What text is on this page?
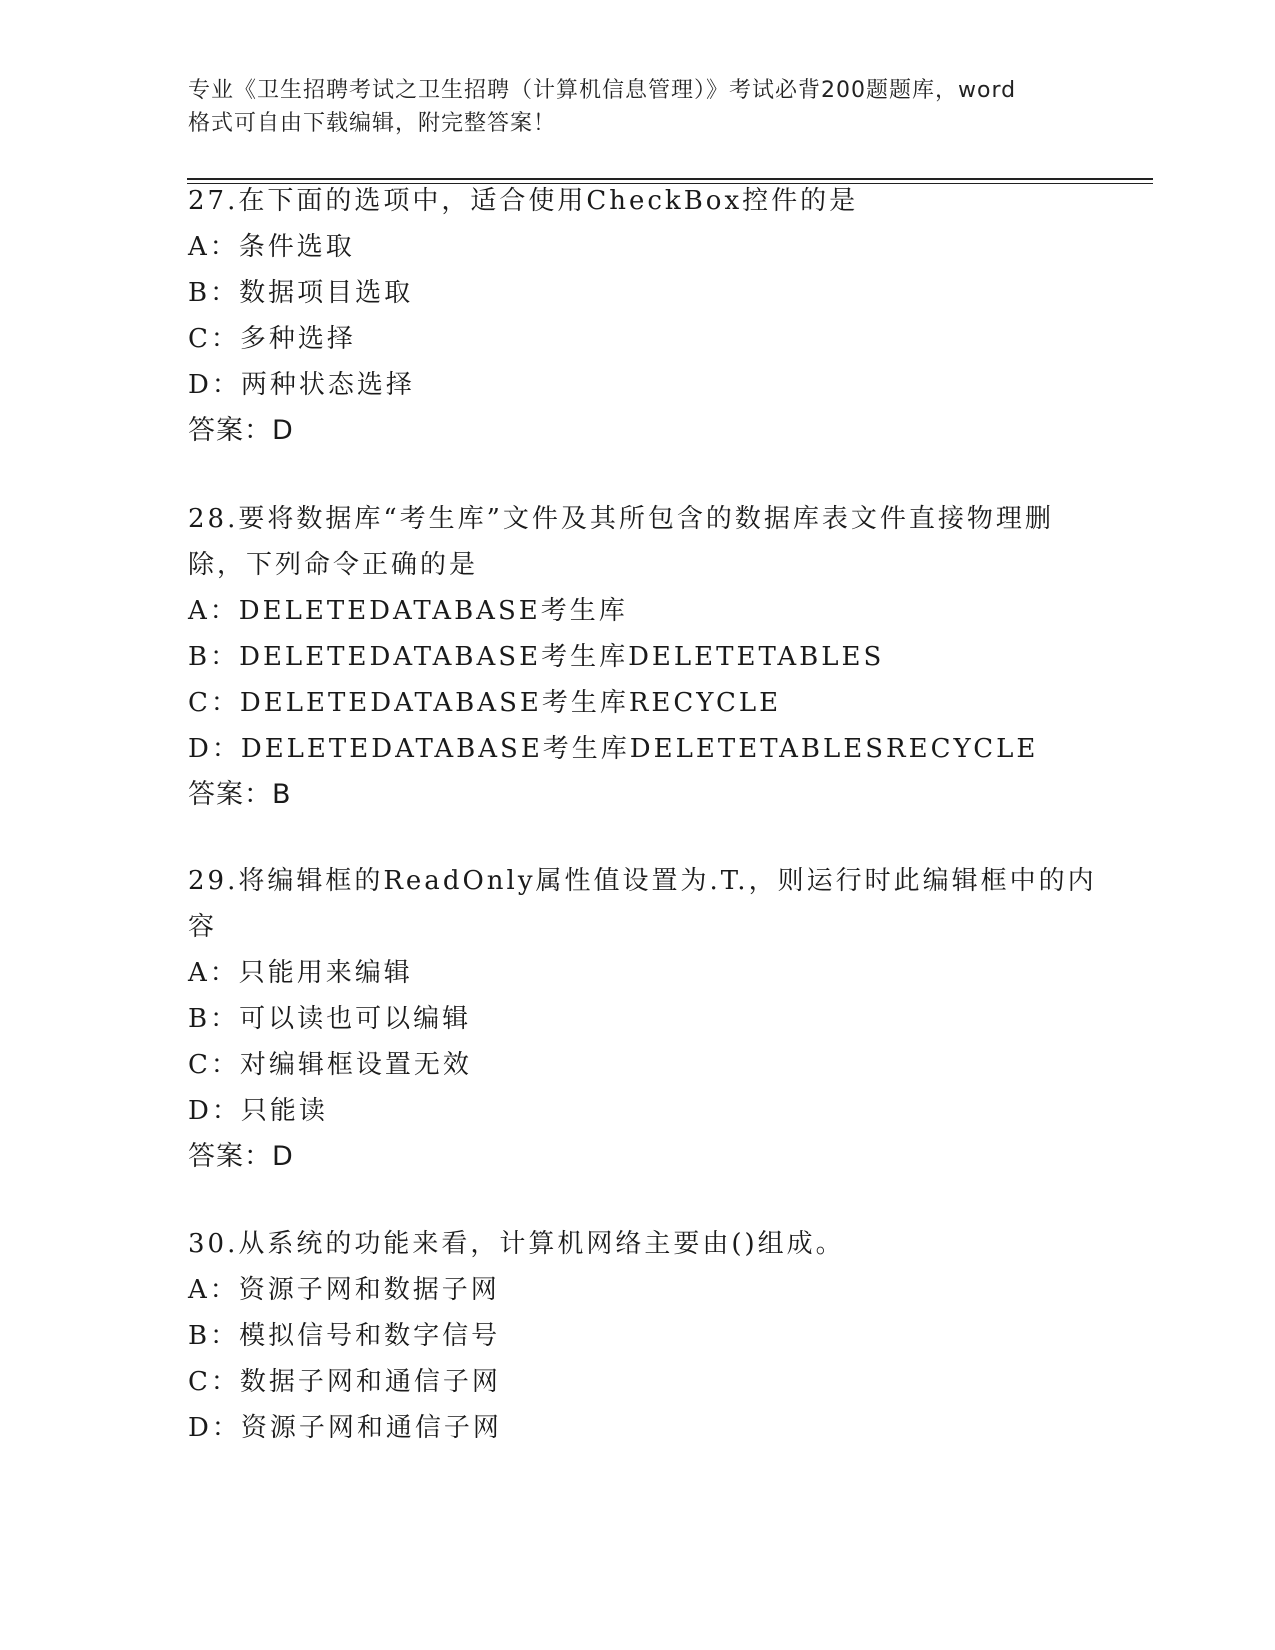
专业《卫生招聘考试之卫生招聘（计算机信息管理）》考试必背200题题库，word
格式可自由下载编辑，附完整答案！
27.在下面的选项中，适合使用CheckBox控件的是
A：条件选取
B：数据项目选取
C：多种选择
D：两种状态选择
答案：D
28.要将数据库“考生库”文件及其所包含的数据库表文件直接物理删
除，下列命令正确的是
A：DELETEDATABASE考生库
B：DELETEDATABASE考生库DELETETABLES
C：DELETEDATABASE考生库RECYCLE
D：DELETEDATABASE考生库DELETETABLESRECYCLE
答案：B
29.将编辑框的ReadOnly属性值设置为.T.，则运行时此编辑框中的内
容
A：只能用来编辑
B：可以读也可以编辑
C：对编辑框设置无效
D：只能读
答案：D
30.从系统的功能来看，计算机网络主要由()组成。
A：资源子网和数据子网
B：模拟信号和数字信号
C：数据子网和通信子网
D：资源子网和通信子网
